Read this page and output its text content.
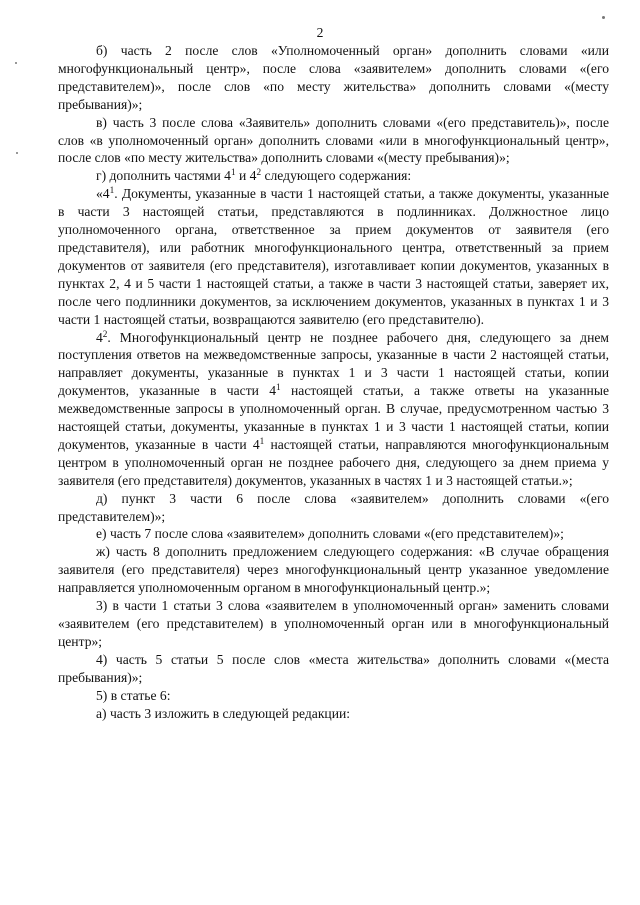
2

б) часть 2 после слов «Уполномоченный орган» дополнить словами «или многофункциональный центр», после слова «заявителем» дополнить словами «(его представителем)», после слов «по месту жительства» дополнить словами «(месту пребывания)»;

в) часть 3 после слова «Заявитель» дополнить словами «(его представитель)», после слов «в уполномоченный орган» дополнить словами «или в многофункциональный центр», после слов «по месту жительства» дополнить словами «(месту пребывания)»;

г) дополнить частями $4^1$ и $4^2$ следующего содержания:

«$4^1$. Документы, указанные в части 1 настоящей статьи, а также документы, указанные в части 3 настоящей статьи, представляются в подлинниках. Должностное лицо уполномоченного органа, ответственное за прием документов от заявителя (его представителя), или работник многофункционального центра, ответственный за прием документов от заявителя (его представителя), изготавливает копии документов, указанных в пунктах 2, 4 и 5 части 1 настоящей статьи, а также в части 3 настоящей статьи, заверяет их, после чего подлинники документов, за исключением документов, указанных в пунктах 1 и 3 части 1 настоящей статьи, возвращаются заявителю (его представителю).

$4^2$. Многофункциональный центр не позднее рабочего дня, следующего за днем поступления ответов на межведомственные запросы, указанные в части 2 настоящей статьи, направляет документы, указанные в пунктах 1 и 3 части 1 настоящей статьи, копии документов, указанные в части $4^1$ настоящей статьи, а также ответы на указанные межведомственные запросы в уполномоченный орган. В случае, предусмотренном частью 3 настоящей статьи, документы, указанные в пунктах 1 и 3 части 1 настоящей статьи, копии документов, указанные в части $4^1$ настоящей статьи, направляются многофункциональным центром в уполномоченный орган не позднее рабочего дня, следующего за днем приема у заявителя (его представителя) документов, указанных в частях 1 и 3 настоящей статьи.»;

д) пункт 3 части 6 после слова «заявителем» дополнить словами «(его представителем)»;

е) часть 7 после слова «заявителем» дополнить словами «(его представителем)»;

ж) часть 8 дополнить предложением следующего содержания: «В случае обращения заявителя (его представителя) через многофункциональный центр указанное уведомление направляется уполномоченным органом в многофункциональный центр.»;

3) в части 1 статьи 3 слова «заявителем в уполномоченный орган» заменить словами «заявителем (его представителем) в уполномоченный орган или в многофункциональный центр»;

4) часть 5 статьи 5 после слов «места жительства» дополнить словами «(места пребывания)»;

5) в статье 6:

а) часть 3 изложить в следующей редакции:
